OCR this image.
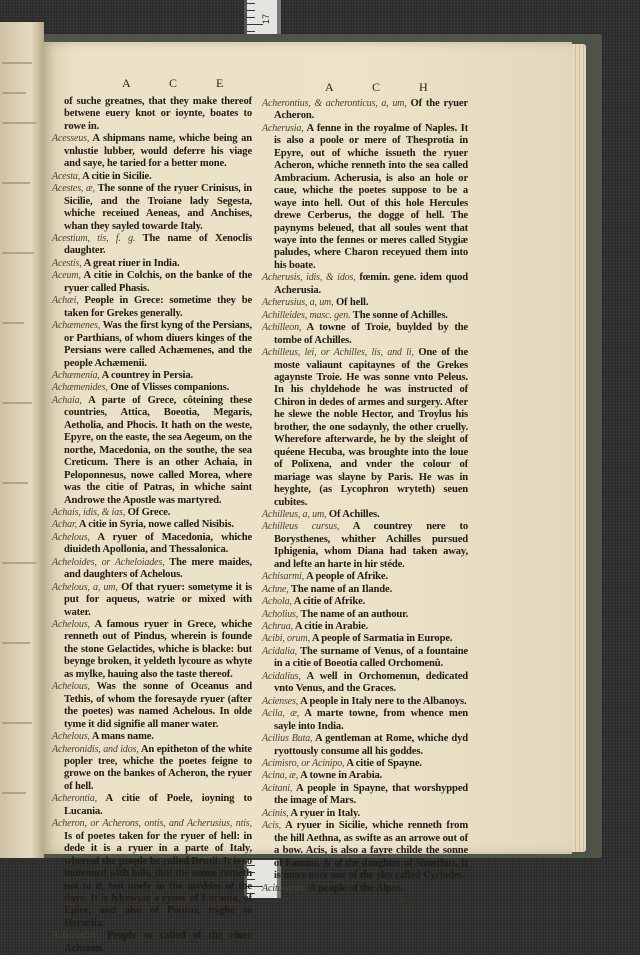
17
A C E	A C H
of suche greatnes, that they make thereof betwene euery knot or ioynte, boates to rowe in.
Acesseus, A shipmans name, whiche being an vnlustie lubber, would deferre his viage and saye, he taried for a better mone.
Acesta, A citie in Sicilie.
Acestes, æ, The sonne of the ryuer Crinisus, in Sicilie, and the Troiane lady Segesta, whiche receiued Aeneas, and Anchises, whan they sayled towarde Italy.
Acestium, tis, f. g. The name of Xenoclis daughter.
Acestis, A great riuer in India.
Aceum, A citie in Colchis, on the banke of the ryuer called Phasis.
Achæi, People in Grece: sometime they be taken for Grekes generally.
Achæmenes, Was the first kyng of the Persians, or Parthians, of whom diuers kinges of the Persians were called Achæmenes, and the people Achæmenii.
Achæmenia, A countrey in Persia.
Achæmenides, One of Vlisses companions.
Achaia, A parte of Grece, côteining these countries, Attica, Boeotia, Megaris, Aetholia, and Phocis. It hath on the weste, Epyre, on the easte, the sea Aegeum, on the northe, Macedonia, on the southe, the sea Creticum. There is an other Achaia, in Peloponnesus, nowe called Morea, where was the citie of Patras, in whiche saint Androwe the Apostle was martyred.
Achais, idis, & ias, Of Grece.
Achar, A citie in Syria, nowe called Nisibis.
Achelous, A ryuer of Macedonia, whiche diuideth Apollonia, and Thessalonica.
Acheloides, or Acheloiades, The mere maides, and daughters of Achelous.
Achelous, a, um, Of that ryuer: sometyme it is put for aqueus, watrie or mixed with water.
Achelous, A famous ryuer in Grece, whiche renneth out of Pindus, wherein is founde the stone Gelactides, whiche is blacke: but beynge broken, it yeldeth lycoure as whyte as mylke, hauing also the taste thereof.
Achelous, Was the sonne of Oceanus and Tethis, of whom the foresayde ryuer (after the poetes) was named Achelous. In olde tyme it did signifie all maner water.
Achelous, A mans name.
Acheronidis, and idos, An epitheton of the white popler tree, whiche the poetes feigne to growe on the bankes of Acheron, the ryuer of hell.
Acherontia, A citie of Poele, ioyning to Lucania.
Acheron, or Acherons, ontis, and Acherusius, ntis, Is of poetes taken for the ryuer of hell: in dede it is a ryuer in a parte of Italy, whereof the people be called Brutii. It is so inuironed with hills, that the sunne cometh not to it, but onely in the myddes of the daye. It is lykewyse a ryuer of Lucania, of Epire, and also of Pontus, nyghe to Heraclia.
Acherontini, People so called of the riuer Acheron.
Acherontius, & acheronticus, a, um, Of the ryuer Acheron.
Acherusia, A fenne in the royalme of Naples. It is also a poole or mere of Thesprotia in Epyre, out of whiche issueth the ryuer Acheron, whiche renneth into the sea called Ambracium. Acherusia, is also an hole or caue, whiche the poetes suppose to be a waye into hell. Out of this hole Hercules drewe Cerberus, the dogge of hell. The paynyms beleued, that all soules went that waye into the fennes or meres called Stygiæ paludes, where Charon receyued them into his boate.
Acherusis, idis, & idos, fœmin. gene. idem quod Acherusia.
Acherusius, a, um, Of hell.
Achilleides, masc. gen. The sonne of Achilles.
Achilleon, A towne of Troie, buylded by the tombe of Achilles.
Achilleus, lei, or Achilles, lis, and li, One of the moste valiaunt capitaynes of the Grekes agaynste Troie. He was sonne vnto Peleus. In his chyldehode he was instructed of Chiron in dedes of armes and surgery. After he slewe the noble Hector, and Troylus his brother, the one sodaynly, the other cruelly. Wherefore afterwarde, he by the sleight of quéene Hecuba, was broughte into the loue of Polixena, and vnder the colour of mariage was slayne by Paris. He was in heyghte, (as Lycophron wryteth) seuen cubites.
Achilleus, a, um, Of Achilles.
Achilleus cursus, A countrey nere to Borysthenes, whither Achilles pursued Iphigenia, whom Diana had taken away, and lefte an harte in hir stéde.
Achisarmi, A people of Afrike.
Achne, The name of an Ilande.
Achola, A citie of Afrike.
Acholius, The name of an authour.
Achrua, A citie in Arabie.
Acibi, orum, A people of Sarmatia in Europe.
Acidalia, The surname of Venus, of a fountaine in a citie of Boeotia called Orchomenû.
Acidalius, A well in Orchomenun, dedicated vnto Venus, and the Graces.
Acienses, A people in Italy nere to the Albanoys.
Acila, æ, A marte towne, from whence men sayle into India.
Acilius Buta, A gentleman at Rome, whiche dyd ryottously consume all his goddes.
Acimisro, or Acinipo, A citie of Spayne.
Acina, æ, A towne in Arabia.
Acitani, A people in Spayne, that worshypped the image of Mars.
Acinis, A ryuer in Italy.
Acis, A ryuer in Sicilie, whiche renneth from the hill Aethna, as swifte as an arrowe out of a bow. Acis, is also a fayre childe the sonne of Faunus, & of the daughter of Simethus. It is more ouer one of the yles called Cyclades.
Acitavones, A people of the Alpes.
Acit
